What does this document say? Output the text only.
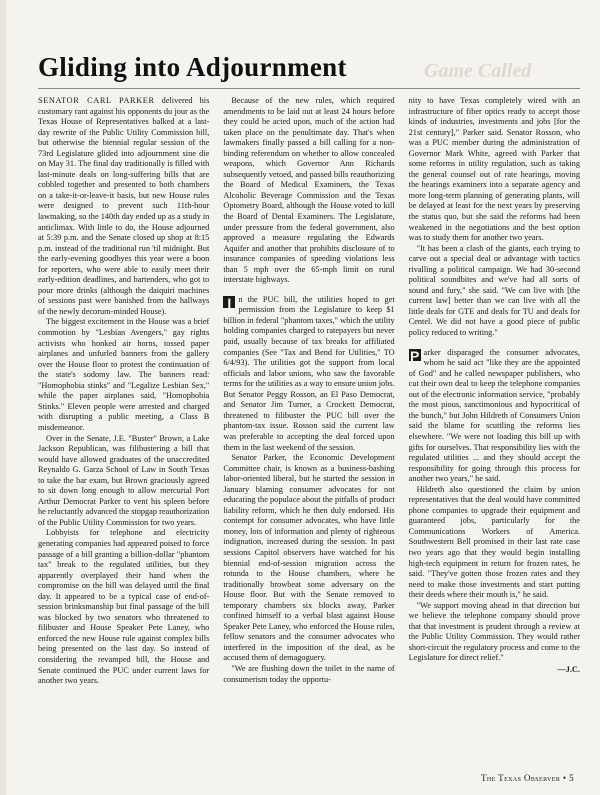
Game Called
Gliding into Adjournment

SENATOR CARL PARKER delivered his customary rant against his opponents du jour as the Texas House of Representatives balked at a last-day rewrite of the Public Utility Commission bill, but otherwise the biennial regular session of the 73rd Legislature glided into adjournment sine die on May 31. The final day traditionally is filled with last-minute deals on long-suffering bills that are cobbled together and presented to both chambers on a take-it-or-leave-it basis, but new House rules were designed to prevent such 11th-hour lawmaking, so the 140th day ended up as a study in anticlimax. With little to do, the House adjourned at 5:39 p.m. and the Senate closed up shop at 8:15 p.m. instead of the traditional run 'til midnight. But the early-evening goodbyes this year were a boon for reporters, who were able to easily meet their early-edition deadlines, and bartenders, who got to pour more drinks (although the daiquiri machines of sessions past were banished from the hallways of the newly decorum-minded House).

The biggest excitement in the House was a brief commotion by "Lesbian Avengers," gay rights activists who honked air horns, tossed paper airplanes and unfurled banners from the gallery over the House floor to protest the continuation of the state's sodomy law. The banners read: "Homophobia stinks" and "Legalize Lesbian Sex," while the paper airplanes said, "Homophobia Stinks." Eleven people were arrested and charged with disrupting a public meeting, a Class B misdemeanor.

Over in the Senate, J.E. "Buster" Brown, a Lake Jackson Republican, was filibustering a bill that would have allowed graduates of the unaccredited Reynaldo G. Garza School of Law in South Texas to take the bar exam, but Brown graciously agreed to sit down long enough to allow mercurial Port Arthur Democrat Parker to vent his spleen before he reluctantly advanced the stopgap reauthorization of the Public Utility Commission for two years.

Lobbyists for telephone and electricity generating companies had appeared poised to force passage of a bill granting a billion-dollar "phantom tax" break to the regulated utilities, but they apparently overplayed their hand when the compromise on the bill was delayed until the final day. It appeared to be a typical case of end-of-session brinksmanship but final passage of the bill was blocked by two senators who threatened to filibuster and House Speaker Pete Laney, who enforced the new House rule against complex bills being presented on the last day. So instead of considering the revamped bill, the House and Senate continued the PUC under current laws for another two years.

Because of the new rules, which required amendments to be laid out at least 24 hours before they could be acted upon, much of the action had taken place on the penultimate day. That's when lawmakers finally passed a bill calling for a non-binding referendum on whether to allow concealed weapons, which Governor Ann Richards subsequently vetoed, and passed bills reauthorizing the Board of Medical Examiners, the Texas Alcoholic Beverage Commission and the Texas Optometry Board, although the House voted to kill the Board of Dental Examiners. The Legislature, under pressure from the federal government, also approved a measure regulating the Edwards Aquifer and another that prohibits disclosure of to insurance companies of speeding violations less than 5 mph over the 65-mph limit on rural interstate highways.

I n the PUC bill, the utilities hoped to get permission from the Legislature to keep $1 billion in federal "phantom taxes," which the utility holding companies charged to ratepayers but never paid, usually because of tax breaks for affiliated companies (See "Tax and Bend for Utilities," TO 6/4/93). The utilities got the support from local officials and labor unions, who saw the favorable terms for the utilities as a way to ensure union jobs. But Senator Peggy Rosson, an El Paso Democrat, and Senator Jim Turner, a Crockett Democrat, threatened to filibuster the PUC bill over the phantom-tax issue. Rosson said the current law was preferable to accepting the deal forced upon them in the last weekend of the session.

Senator Parker, the Economic Development Committee chair, is known as a business-bashing labor-oriented liberal, but he started the session in January blaming consumer advocates for not educating the populace about the pitfalls of product liability reform, which he then duly endorsed. His contempt for consumer advocates, who have little money, lots of information and plenty of righteous indignation, increased during the session. In past sessions Capitol observers have watched for his biennial end-of-session migration across the rotunda to the House chambers, where he traditionally browbeat some adversary on the House floor. But with the Senate removed to temporary chambers six blocks away, Parker confined himself to a verbal blast against House Speaker Pete Laney, who enforced the House rules, fellow senators and the consumer advocates who interfered in the imposition of the deal, as he accused them of demagoguery.

"We are flushing down the toilet in the name of consumerism today the opportu-

nity to have Texas completely wired with an infrastructure of fiber optics ready to accept those kinds of industries, investments and jobs [for the 21st century]," Parker said. Senator Rosson, who was a PUC member during the administration of Governor Mark White, agreed with Parker that some reforms in utility regulation, such as taking the general counsel out of rate hearings, moving the hearings examiners into a separate agency and more long-term planning of generating plants, will be delayed at least for the next years by preserving the status quo, but she said the reforms had been weakened in the negotiations and the best option was to study them for another two years.

"It has been a clash of the giants, each trying to carve out a special deal or advantage with tactics rivalling a political campaign. We had 30-second political soundbites and we've had all sorts of sound and fury," she said. "We can live with [the current law] better than we can live with all the little deals for GTE and deals for TU and deals for Centel. We did not have a good piece of public policy reduced to writing."

P arker disparaged the consumer advocates, whom he said act "like they are the appointed of God" and he called newspaper publishers, who cut their own deal to keep the telephone companies out of the electronic information service, "probably the most pious, sanctimonious and hypocritical of the bunch," but John Hildreth of Consumers Union said the blame for scuttling the reforms lies elsewhere. "We were not loading this bill up with gifts for ourselves. That responsibility lies with the regulated utilities ... and they should accept the responsibility for going through this process for another two years," he said.

Hildreth also questioned the claim by union representatives that the deal would have committed phone companies to upgrade their equipment and guaranteed jobs, particularly for the Communications Workers of America. Southwestern Bell promised in their last rate case two years ago that they would begin installing high-tech equipment in return for frozen rates, he said. "They've gotten those frozen rates and they need to make those investments and start putting their deeds where their mouth is," he said.

"We support moving ahead in that direction but we believe the telephone company should prove that that investment is prudent through a review at the Public Utility Commission. They would rather short-circuit the regulatory process and come to the Legislature for direct relief."
—J.C.

The Texas Observer • 5
